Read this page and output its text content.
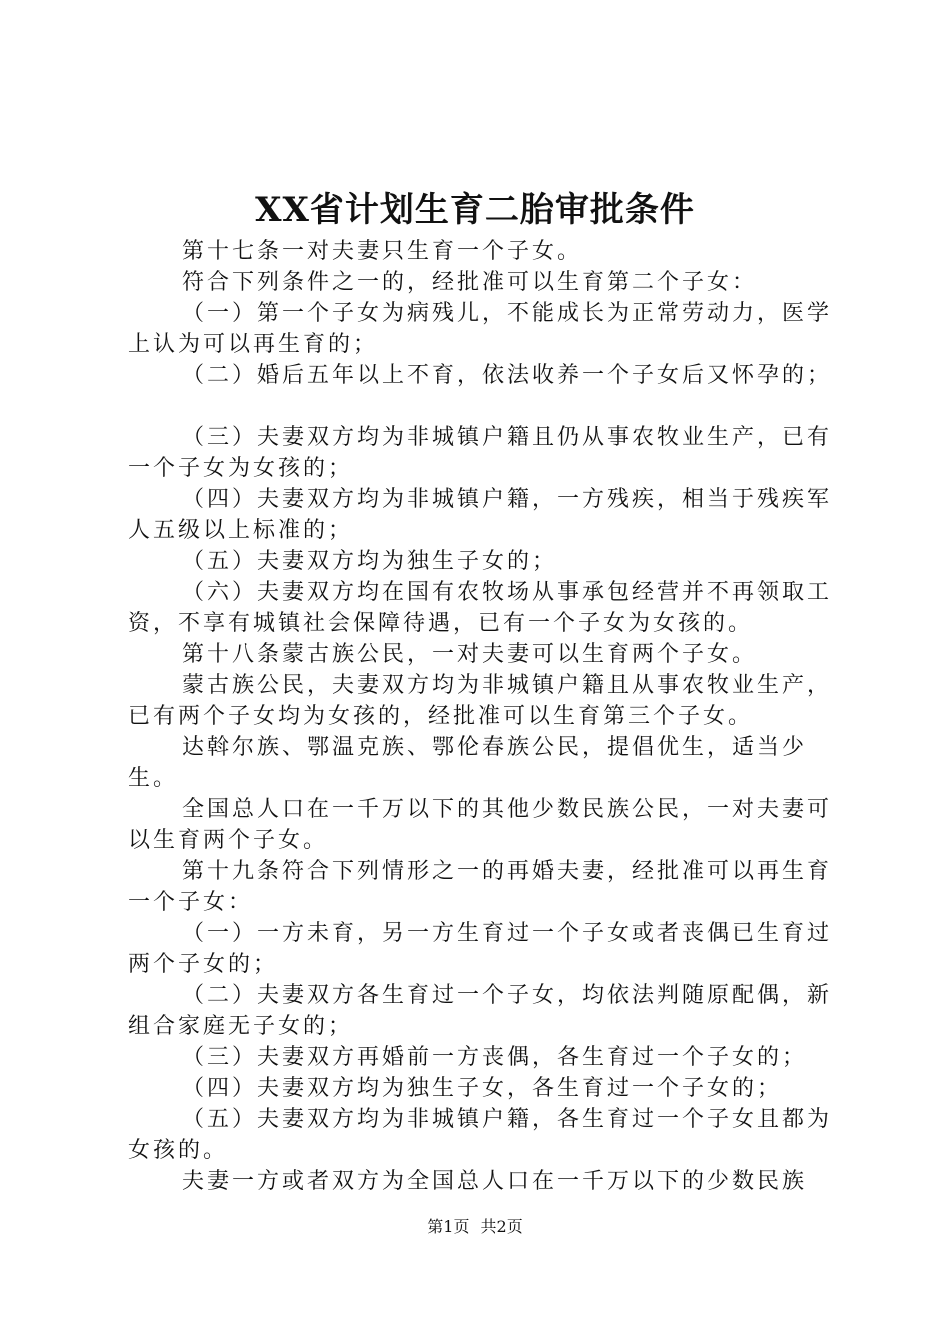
XX省计划生育二胎审批条件

第十七条一对夫妻只生育一个子女。

符合下列条件之一的，经批准可以生育第二个子女：

（一）第一个子女为病残儿，不能成长为正常劳动力，医学上认为可以再生育的；

（二）婚后五年以上不育，依法收养一个子女后又怀孕的；

（三）夫妻双方均为非城镇户籍且仍从事农牧业生产，已有一个子女为女孩的；

（四）夫妻双方均为非城镇户籍，一方残疾，相当于残疾军人五级以上标准的；

（五）夫妻双方均为独生子女的；

（六）夫妻双方均在国有农牧场从事承包经营并不再领取工资，不享有城镇社会保障待遇，已有一个子女为女孩的。

第十八条蒙古族公民，一对夫妻可以生育两个子女。

蒙古族公民，夫妻双方均为非城镇户籍且从事农牧业生产，已有两个子女均为女孩的，经批准可以生育第三个子女。

达斡尔族、鄂温克族、鄂伦春族公民，提倡优生，适当少生。

全国总人口在一千万以下的其他少数民族公民，一对夫妻可以生育两个子女。

第十九条符合下列情形之一的再婚夫妻，经批准可以再生育一个子女：

（一）一方未育，另一方生育过一个子女或者丧偶已生育过两个子女的；

（二）夫妻双方各生育过一个子女，均依法判随原配偶，新组合家庭无子女的；

（三）夫妻双方再婚前一方丧偶，各生育过一个子女的；

（四）夫妻双方均为独生子女，各生育过一个子女的；

（五）夫妻双方均为非城镇户籍，各生育过一个子女且都为女孩的。

夫妻一方或者双方为全国总人口在一千万以下的少数民族

第1页 共2页
